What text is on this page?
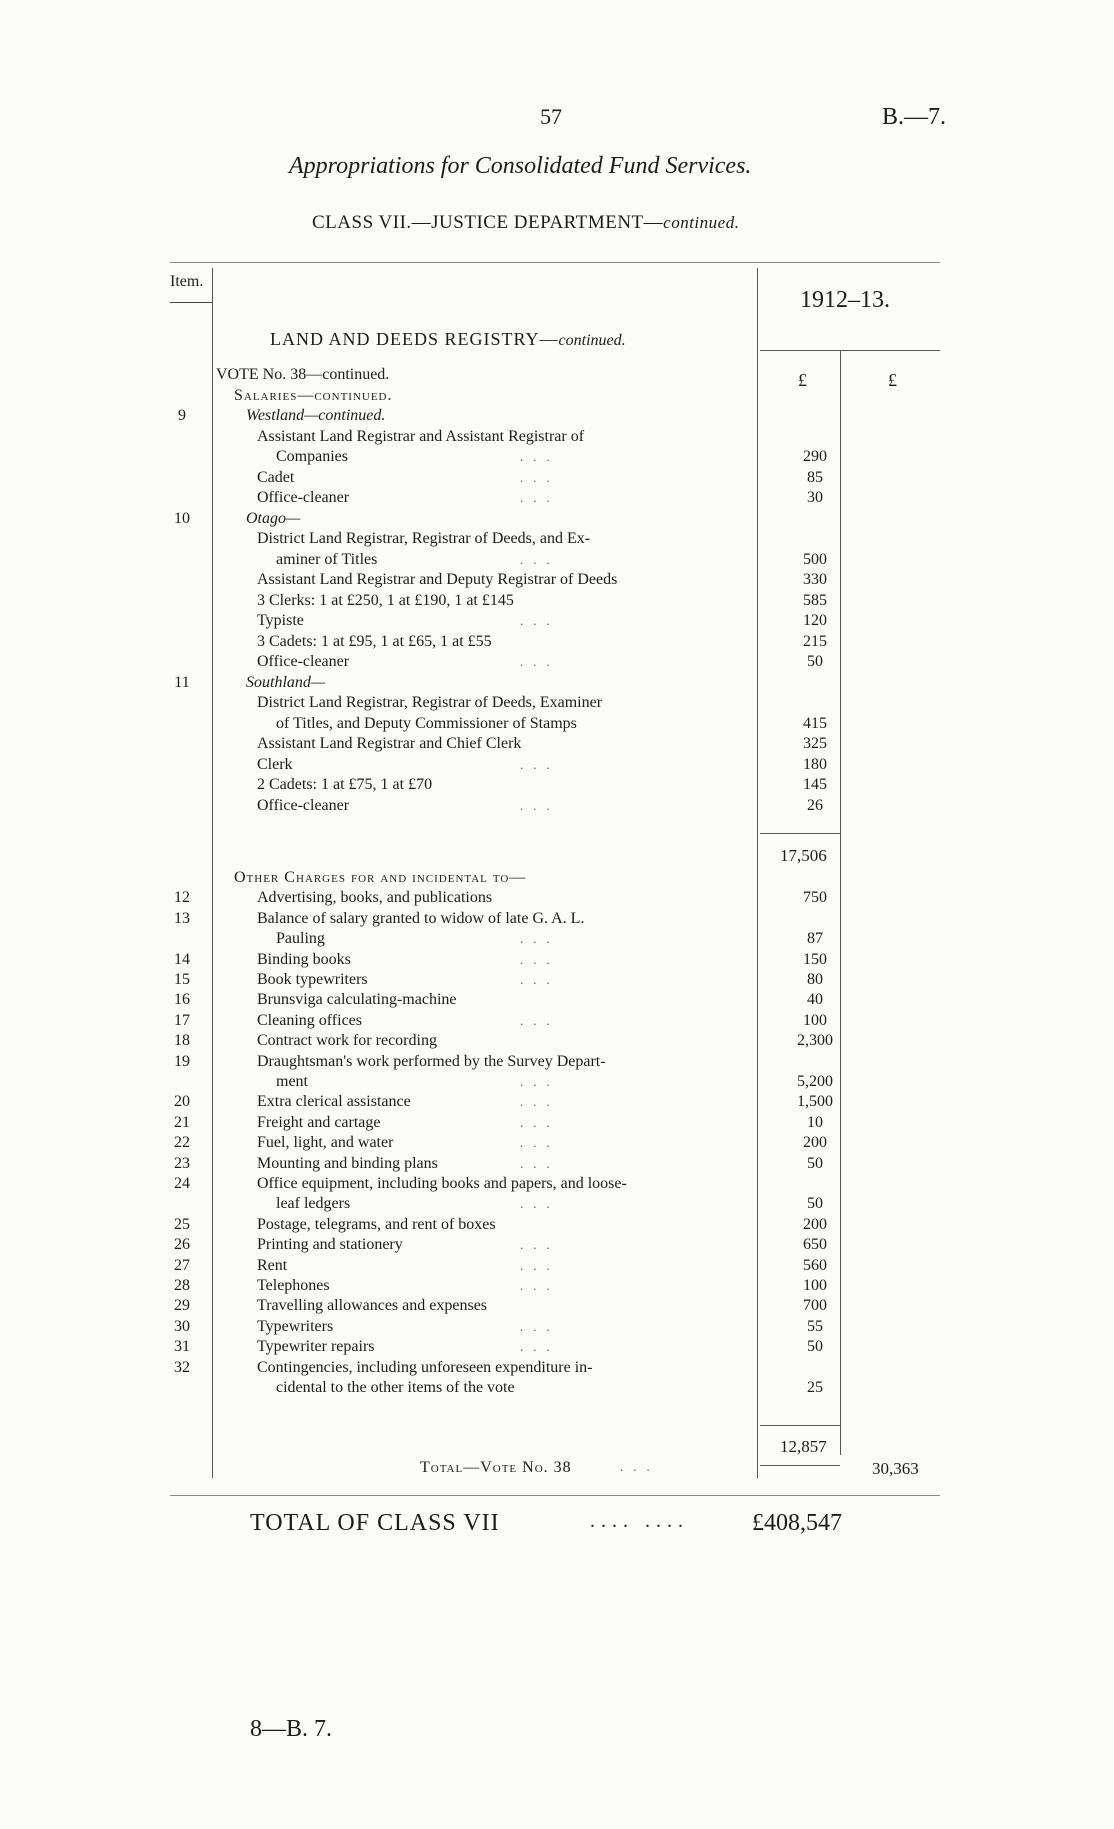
57	B.—7.
Appropriations for Consolidated Fund Services.
CLASS VII.—JUSTICE DEPARTMENT—continued.
Item.
1912–13.
LAND AND DEEDS REGISTRY—continued.
£	£
VOTE No. 38—continued.
Salaries—continued.
9	Westland—continued.
Assistant Land Registrar and Assistant Registrar of
Companies	...	290
Cadet	...	85
Office-cleaner	...	30
10	Otago—
District Land Registrar, Registrar of Deeds, and Ex-
aminer of Titles	...	500
Assistant Land Registrar and Deputy Registrar of Deeds	330
3 Clerks: 1 at £250, 1 at £190, 1 at £145	585
Typiste	...	120
3 Cadets: 1 at £95, 1 at £65, 1 at £55	215
Office-cleaner	...	50
11	Southland—
District Land Registrar, Registrar of Deeds, Examiner
of Titles, and Deputy Commissioner of Stamps	415
Assistant Land Registrar and Chief Clerk	325
Clerk	...	180
2 Cadets: 1 at £75, 1 at £70	145
Office-cleaner	...	26
17,506
Other Charges for and incidental to—
12	Advertising, books, and publications	750
13	Balance of salary granted to widow of late G. A. L.
Pauling	...	87
14	Binding books	...	150
15	Book typewriters	...	80
16	Brunsviga calculating-machine	40
17	Cleaning offices	...	100
18	Contract work for recording	2,300
19	Draughtsman's work performed by the Survey Depart-
ment	...	5,200
20	Extra clerical assistance	...	1,500
21	Freight and cartage	...	10
22	Fuel, light, and water	...	200
23	Mounting and binding plans	...	50
24	Office equipment, including books and papers, and loose-
leaf ledgers	...	50
25	Postage, telegrams, and rent of boxes	200
26	Printing and stationery	...	650
27	Rent	...	560
28	Telephones	...	100
29	Travelling allowances and expenses	700
30	Typewriters	...	55
31	Typewriter repairs	...	50
32	Contingencies, including unforeseen expenditure in-
cidental to the other items of the vote	25
12,857
Total—Vote No. 38	...	30,363
TOTAL OF CLASS VII	.... ....	£408,547
8—B. 7.
